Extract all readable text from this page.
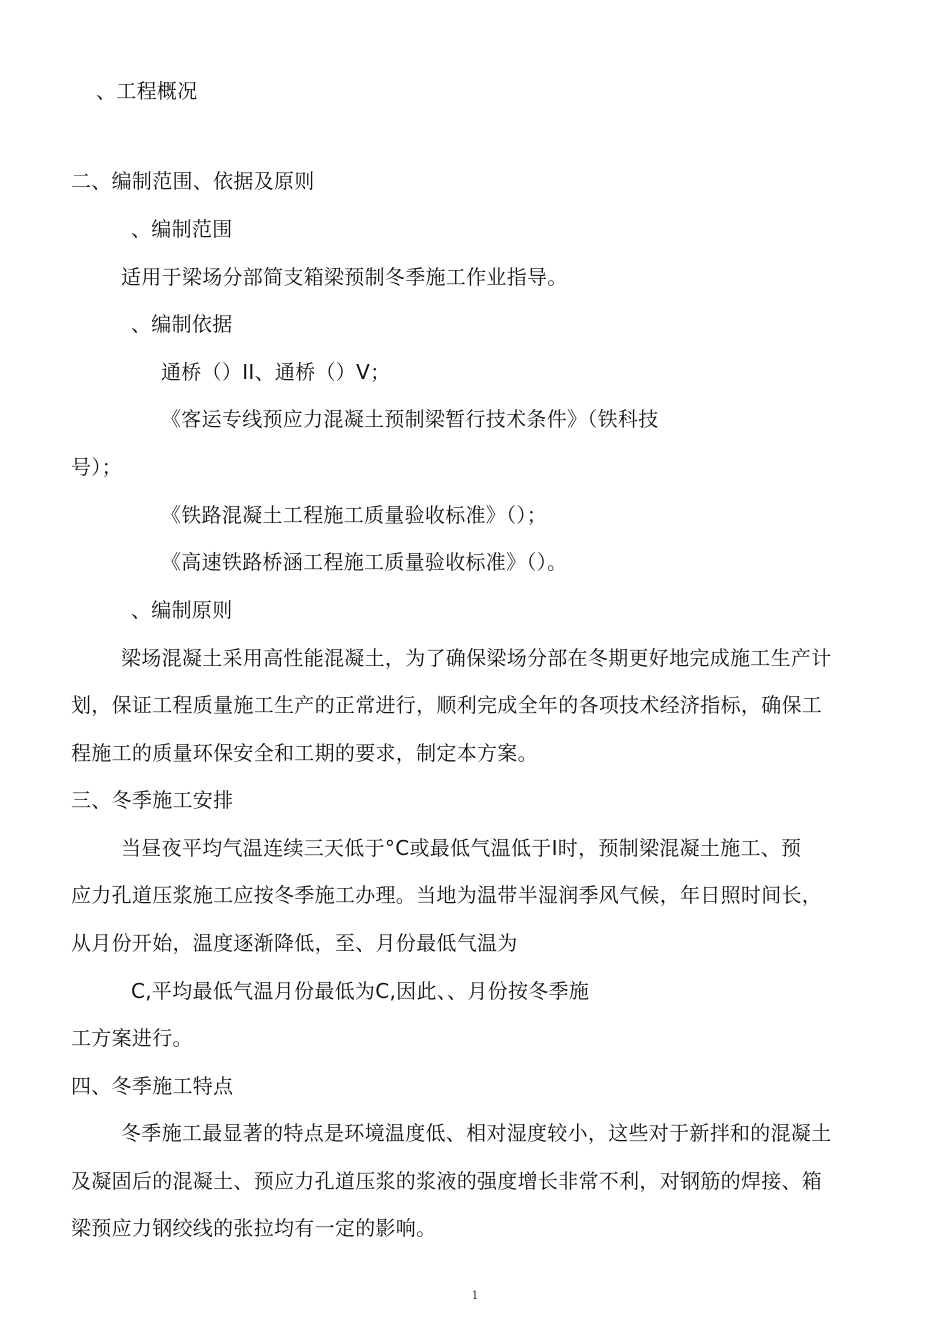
、工程概况
二、编制范围、依据及原则
、编制范围
适用于梁场分部简支箱梁预制冬季施工作业指导。
、编制依据
通桥（）II、通桥（）V；
《客运专线预应力混凝土预制梁暂行技术条件》（铁科技
号）；
《铁路混凝土工程施工质量验收标准》（）；
《高速铁路桥涵工程施工质量验收标准》（）。
、编制原则
梁场混凝土采用高性能混凝土，为了确保梁场分部在冬期更好地完成施工生产计
划，保证工程质量施工生产的正常进行，顺利完成全年的各项技术经济指标，确保工
程施工的质量环保安全和工期的要求，制定本方案。
三、冬季施工安排
当昼夜平均气温连续三天低于°C或最低气温低于I时，预制梁混凝土施工、预
应力孔道压浆施工应按冬季施工办理。当地为温带半湿润季风气候，年日照时间长，
从月份开始，温度逐渐降低，至、月份最低气温为
C,平均最低气温月份最低为C,因此、、月份按冬季施
工方案进行。
四、冬季施工特点
冬季施工最显著的特点是环境温度低、相对湿度较小，这些对于新拌和的混凝土
及凝固后的混凝土、预应力孔道压浆的浆液的强度增长非常不利，对钢筋的焊接、箱
梁预应力钢绞线的张拉均有一定的影响。
1
